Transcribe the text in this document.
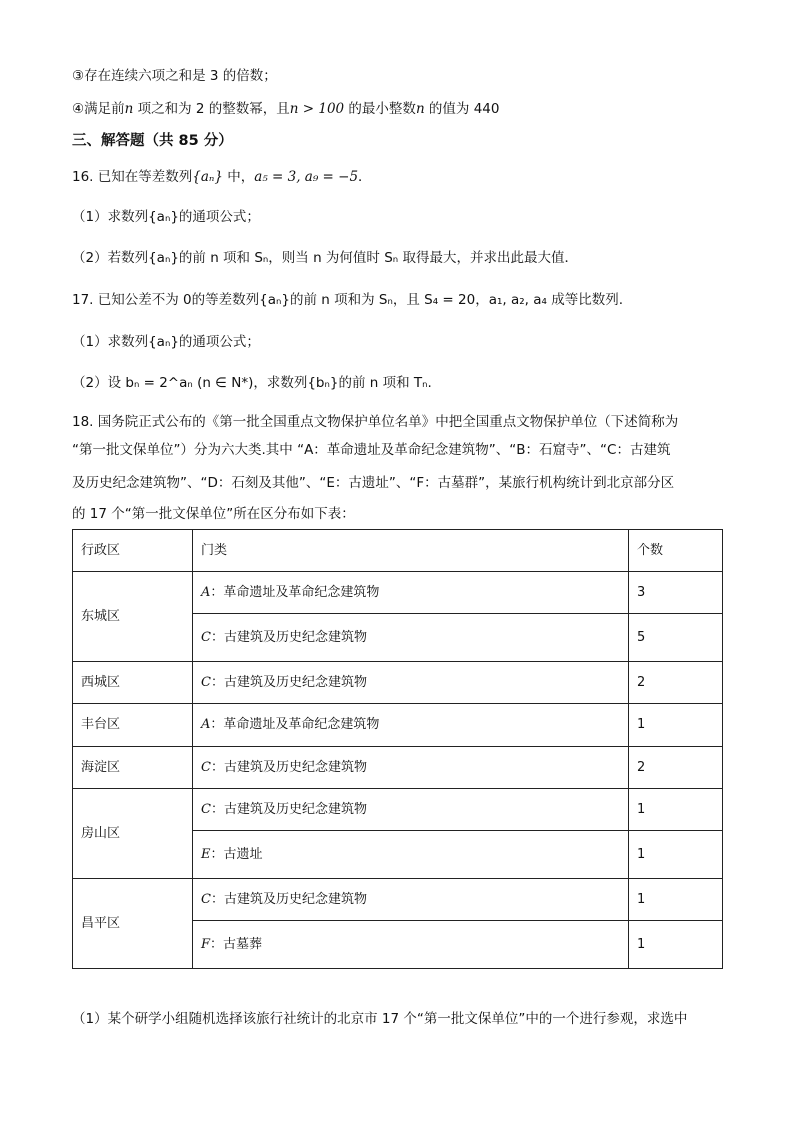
③存在连续六项之和是 3 的倍数；
④满足前n 项之和为 2 的整数幂，且n > 100 的最小整数n 的值为 440
三、解答题（共 85 分）
16. 已知在等差数列{aₙ} 中，a₅ = 3, a₉ = −5．
（1）求数列{aₙ}的通项公式；
（2）若数列{aₙ}的前 n 项和 Sₙ，则当 n 为何值时 Sₙ 取得最大，并求出此最大值．
17. 已知公差不为 0的等差数列{aₙ}的前 n 项和为 Sₙ，且 S₄ = 20，a₁, a₂, a₄ 成等比数列.
（1）求数列{aₙ}的通项公式；
（2）设 bₙ = 2^aₙ (n ∈ N*)，求数列{bₙ}的前 n 项和 Tₙ.
18. 国务院正式公布的《第一批全国重点文物保护单位名单》中把全国重点文物保护单位（下述简称为
“第一批文保单位”）分为六大类.其中 “A：革命遗址及革命纪念建筑物”、“B：石窟寺”、“C：古建筑
及历史纪念建筑物”、“D：石刻及其他”、“E：古遗址”、“F：古墓群”，某旅行机构统计到北京部分区
的 17 个“第一批文保单位”所在区分布如下表：
行政区	门类	个数
东城区	A：革命遗址及革命纪念建筑物	3
	C：古建筑及历史纪念建筑物	5
西城区	C：古建筑及历史纪念建筑物	2
丰台区	A：革命遗址及革命纪念建筑物	1
海淀区	C：古建筑及历史纪念建筑物	2
房山区	C：古建筑及历史纪念建筑物	1
	E：古遗址	1
昌平区	C：古建筑及历史纪念建筑物	1
	F：古墓葬	1
（1）某个研学小组随机选择该旅行社统计的北京市 17 个“第一批文保单位”中的一个进行参观，求选中
